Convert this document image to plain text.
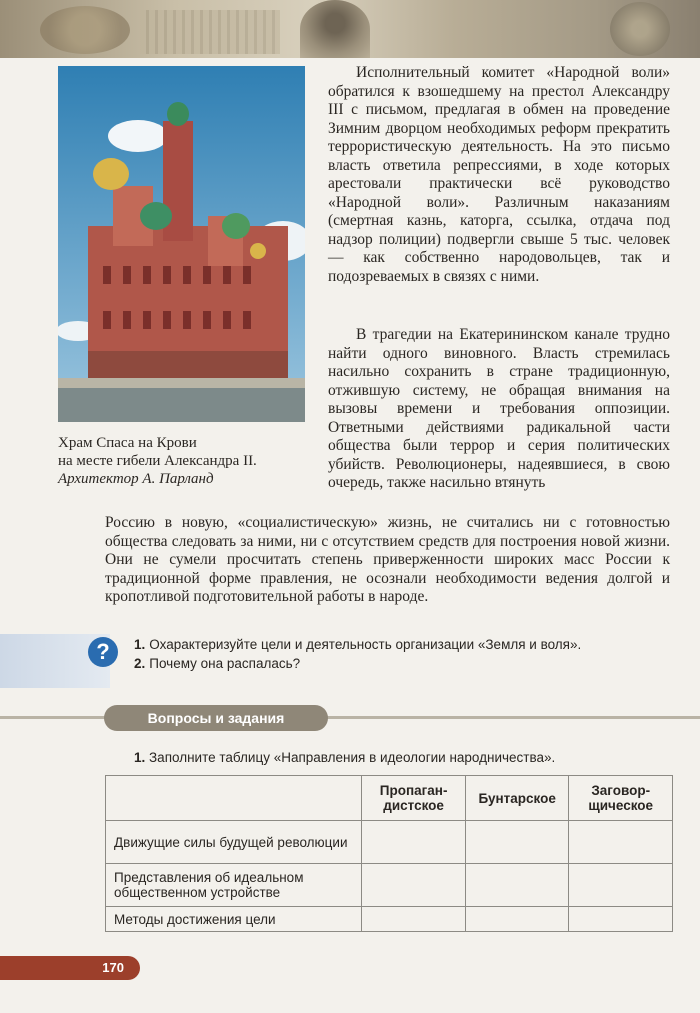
Храм Спаса на Крови
на месте гибели Александра II.
Архитектор А. Парланд
Исполнительный комитет «Народной воли» обратился к взошедшему на престол Александру III с письмом, предлагая в обмен на проведение Зимним дворцом необходимых реформ прекратить террористическую деятельность. На это письмо власть ответила репрессиями, в ходе которых арестовали практически всё руководство «Народной воли». Различным наказаниям (смертная казнь, каторга, ссылка, отдача под надзор полиции) подвергли свыше 5 тыс. человек — как собственно народовольцев, так и подозреваемых в связях с ними.
В трагедии на Екатерининском канале трудно найти одного виновного. Власть стремилась насильно сохранить в стране традиционную, отжившую систему, не обращая внимания на вызовы времени и требования оппозиции. Ответными действиями радикальной части общества были террор и серия политических убийств. Революционеры, надеявшиеся, в свою очередь, также насильно втянуть
Россию в новую, «социалистическую» жизнь, не считались ни с готовностью общества следовать за ними, ни с отсутствием средств для построения новой жизни. Они не сумели просчитать степень приверженности широких масс России к традиционной форме правления, не осознали необходимости ведения долгой и кропотливой подготовительной работы в народе.
?	1. Охарактеризуйте цели и деятельность организации «Земля и воля».
2. Почему она распалась?
Вопросы и задания
1. Заполните таблицу «Направления в идеологии народничества».
	Пропаган-дистское	Бунтарское	Заговор-щическое
Движущие силы будущей революции			
Представления об идеальном общественном устройстве			
Методы достижения цели			
170
